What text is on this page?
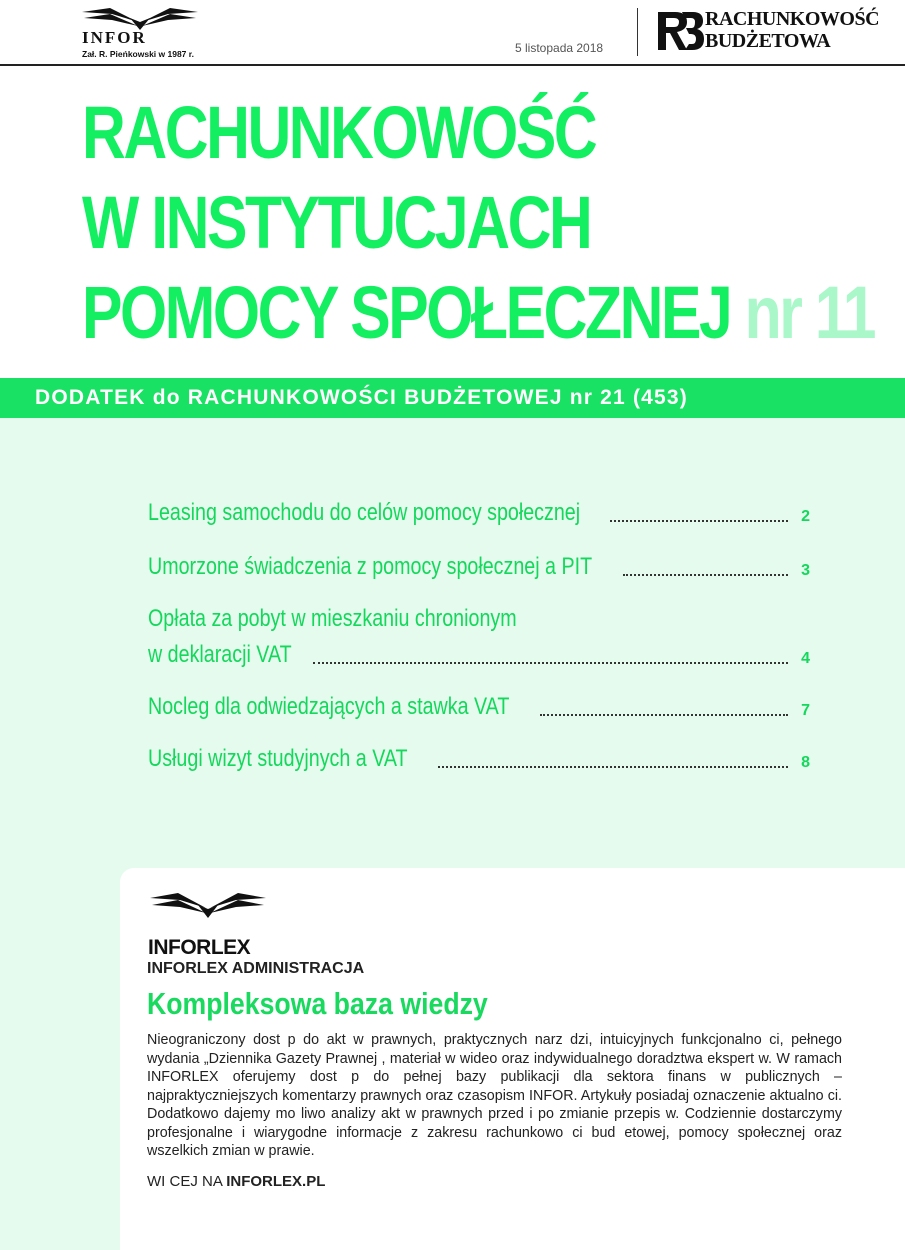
INFOR
Zał. R. Pieńkowski w 1987 r.	5 listopada 2018
RACHUNKOWOŚĆ
BUDŻETOWA
RACHUNKOWOŚĆ
W INSTYTUCJACH
POMOCY SPOŁECZNEJ nr 11
DODATEK do RACHUNKOWOŚCI BUDŻETOWEJ nr 21 (453)
Leasing samochodu do celów pomocy społecznej	2
Umorzone świadczenia z pomocy społecznej a PIT	3
Opłata za pobyt w mieszkaniu chronionym
w deklaracji VAT	4
Nocleg dla odwiedzających a stawka VAT	7
Usługi wizyt studyjnych a VAT	8
INFORLEX
INFORLEX ADMINISTRACJA
Kompleksowa baza wiedzy
Nieograniczony dost p do akt w prawnych, praktycznych narz dzi, intuicyjnych funkcjonalno ci, pełnego wydania „Dziennika Gazety Prawnej , materiał w wideo oraz indywidualnego doradztwa ekspert w. W ramach INFORLEX oferujemy dost p do pełnej bazy publikacji dla sektora finans w publicznych – najpraktyczniejszych komentarzy prawnych oraz czasopism INFOR. Artykuły posiadaj oznaczenie aktualno ci. Dodatkowo dajemy mo liwo analizy akt w prawnych przed i po zmianie przepis w. Codziennie dostarczymy profesjonalne i wiarygodne informacje z zakresu rachunkowo ci bud etowej, pomocy społecznej oraz wszelkich zmian w prawie.
WI CEJ NA INFORLEX.PL
